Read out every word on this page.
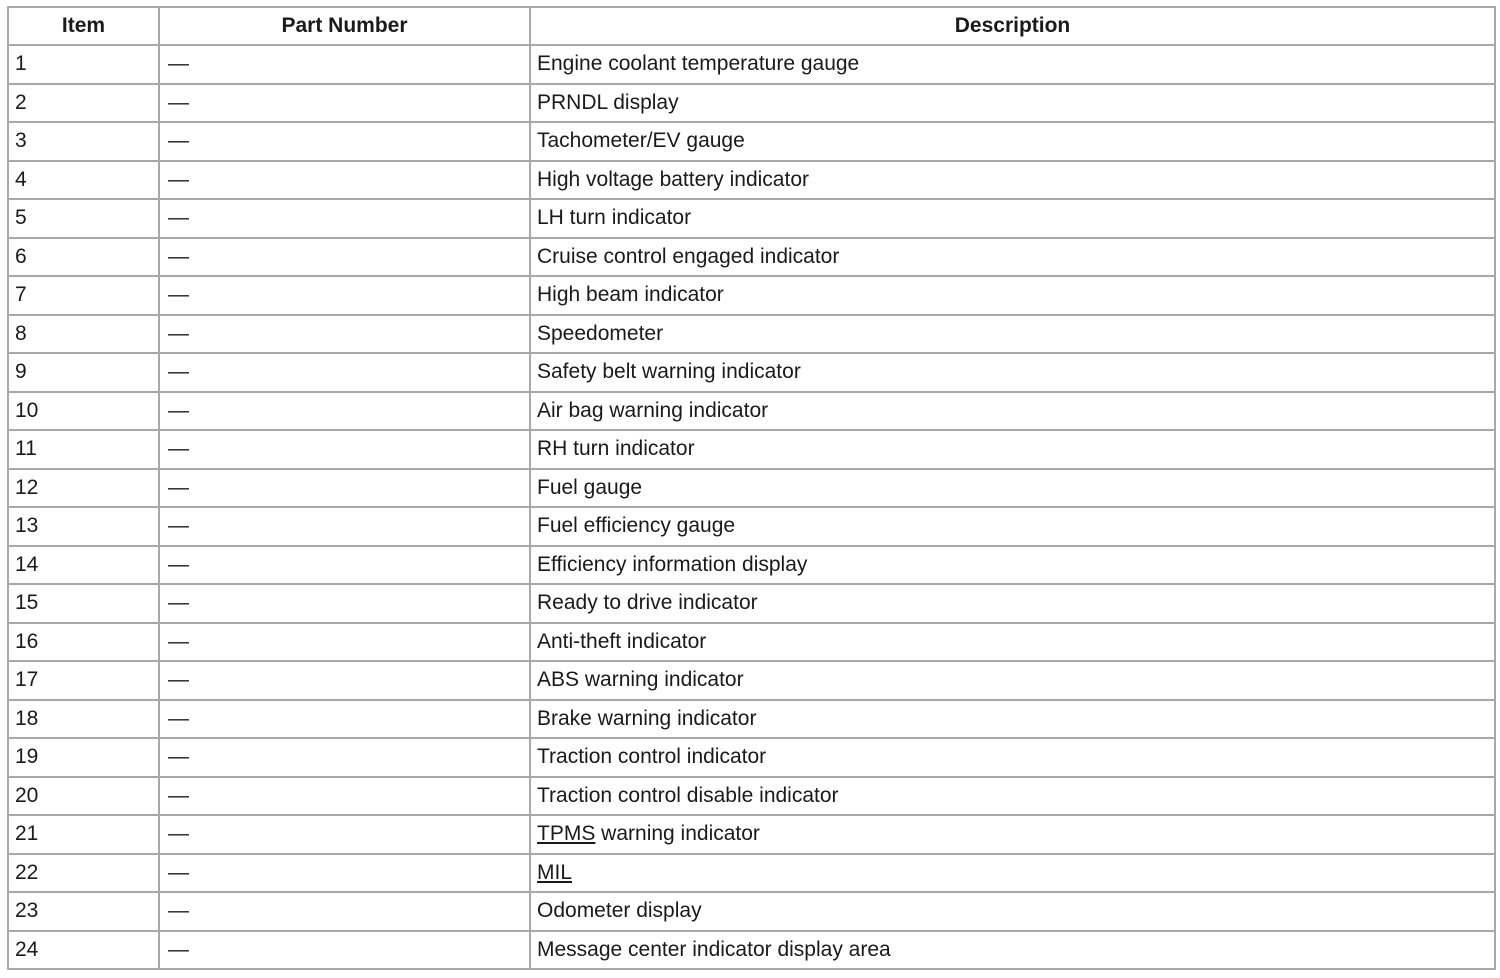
Item	Part Number	Description
1	—	Engine coolant temperature gauge
2	—	PRNDL display
3	—	Tachometer/EV gauge
4	—	High voltage battery indicator
5	—	LH turn indicator
6	—	Cruise control engaged indicator
7	—	High beam indicator
8	—	Speedometer
9	—	Safety belt warning indicator
10	—	Air bag warning indicator
11	—	RH turn indicator
12	—	Fuel gauge
13	—	Fuel efficiency gauge
14	—	Efficiency information display
15	—	Ready to drive indicator
16	—	Anti-theft indicator
17	—	ABS warning indicator
18	—	Brake warning indicator
19	—	Traction control indicator
20	—	Traction control disable indicator
21	—	TPMS warning indicator
22	—	MIL
23	—	Odometer display
24	—	Message center indicator display area
